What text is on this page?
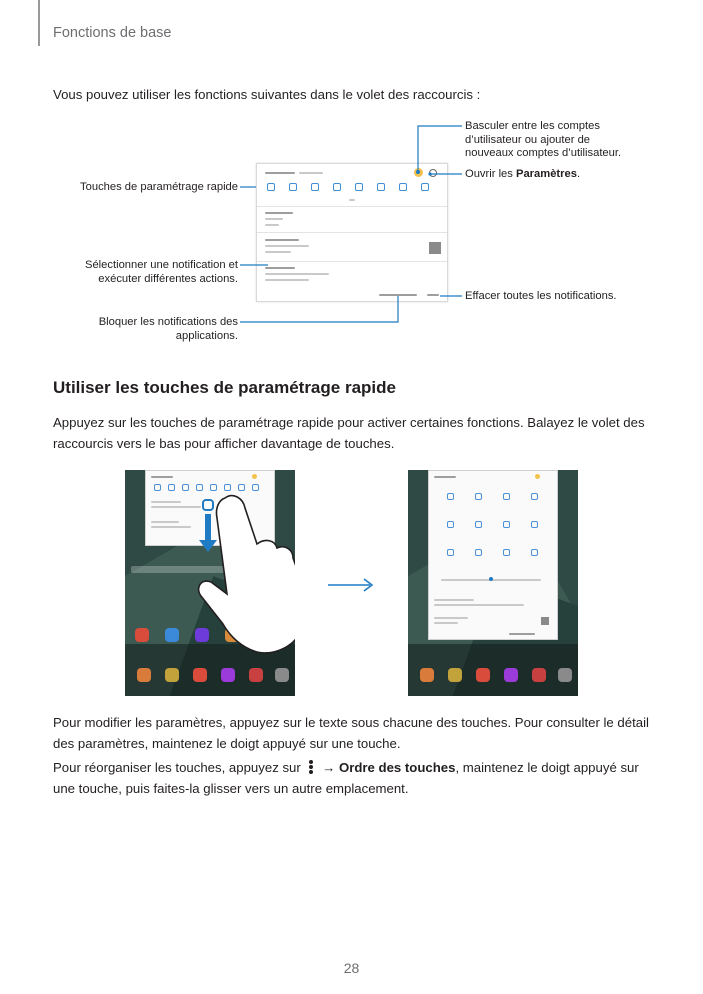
Fonctions de base
Vous pouvez utiliser les fonctions suivantes dans le volet des raccourcis :
Touches de paramétrage rapide
Basculer entre les comptes d’utilisateur ou ajouter de nouveaux comptes d’utilisateur.
Ouvrir les Paramètres.
Sélectionner une notification et exécuter différentes actions.
Effacer toutes les notifications.
Bloquer les notifications des applications.
Utiliser les touches de paramétrage rapide
Appuyez sur les touches de paramétrage rapide pour activer certaines fonctions. Balayez le volet des raccourcis vers le bas pour afficher davantage de touches.
Pour modifier les paramètres, appuyez sur le texte sous chacune des touches. Pour consulter le détail des paramètres, maintenez le doigt appuyé sur une touche.
Pour réorganiser les touches, appuyez sur
→ Ordre des touches, maintenez le doigt appuyé sur une touche, puis faites-la glisser vers un autre emplacement.
28
